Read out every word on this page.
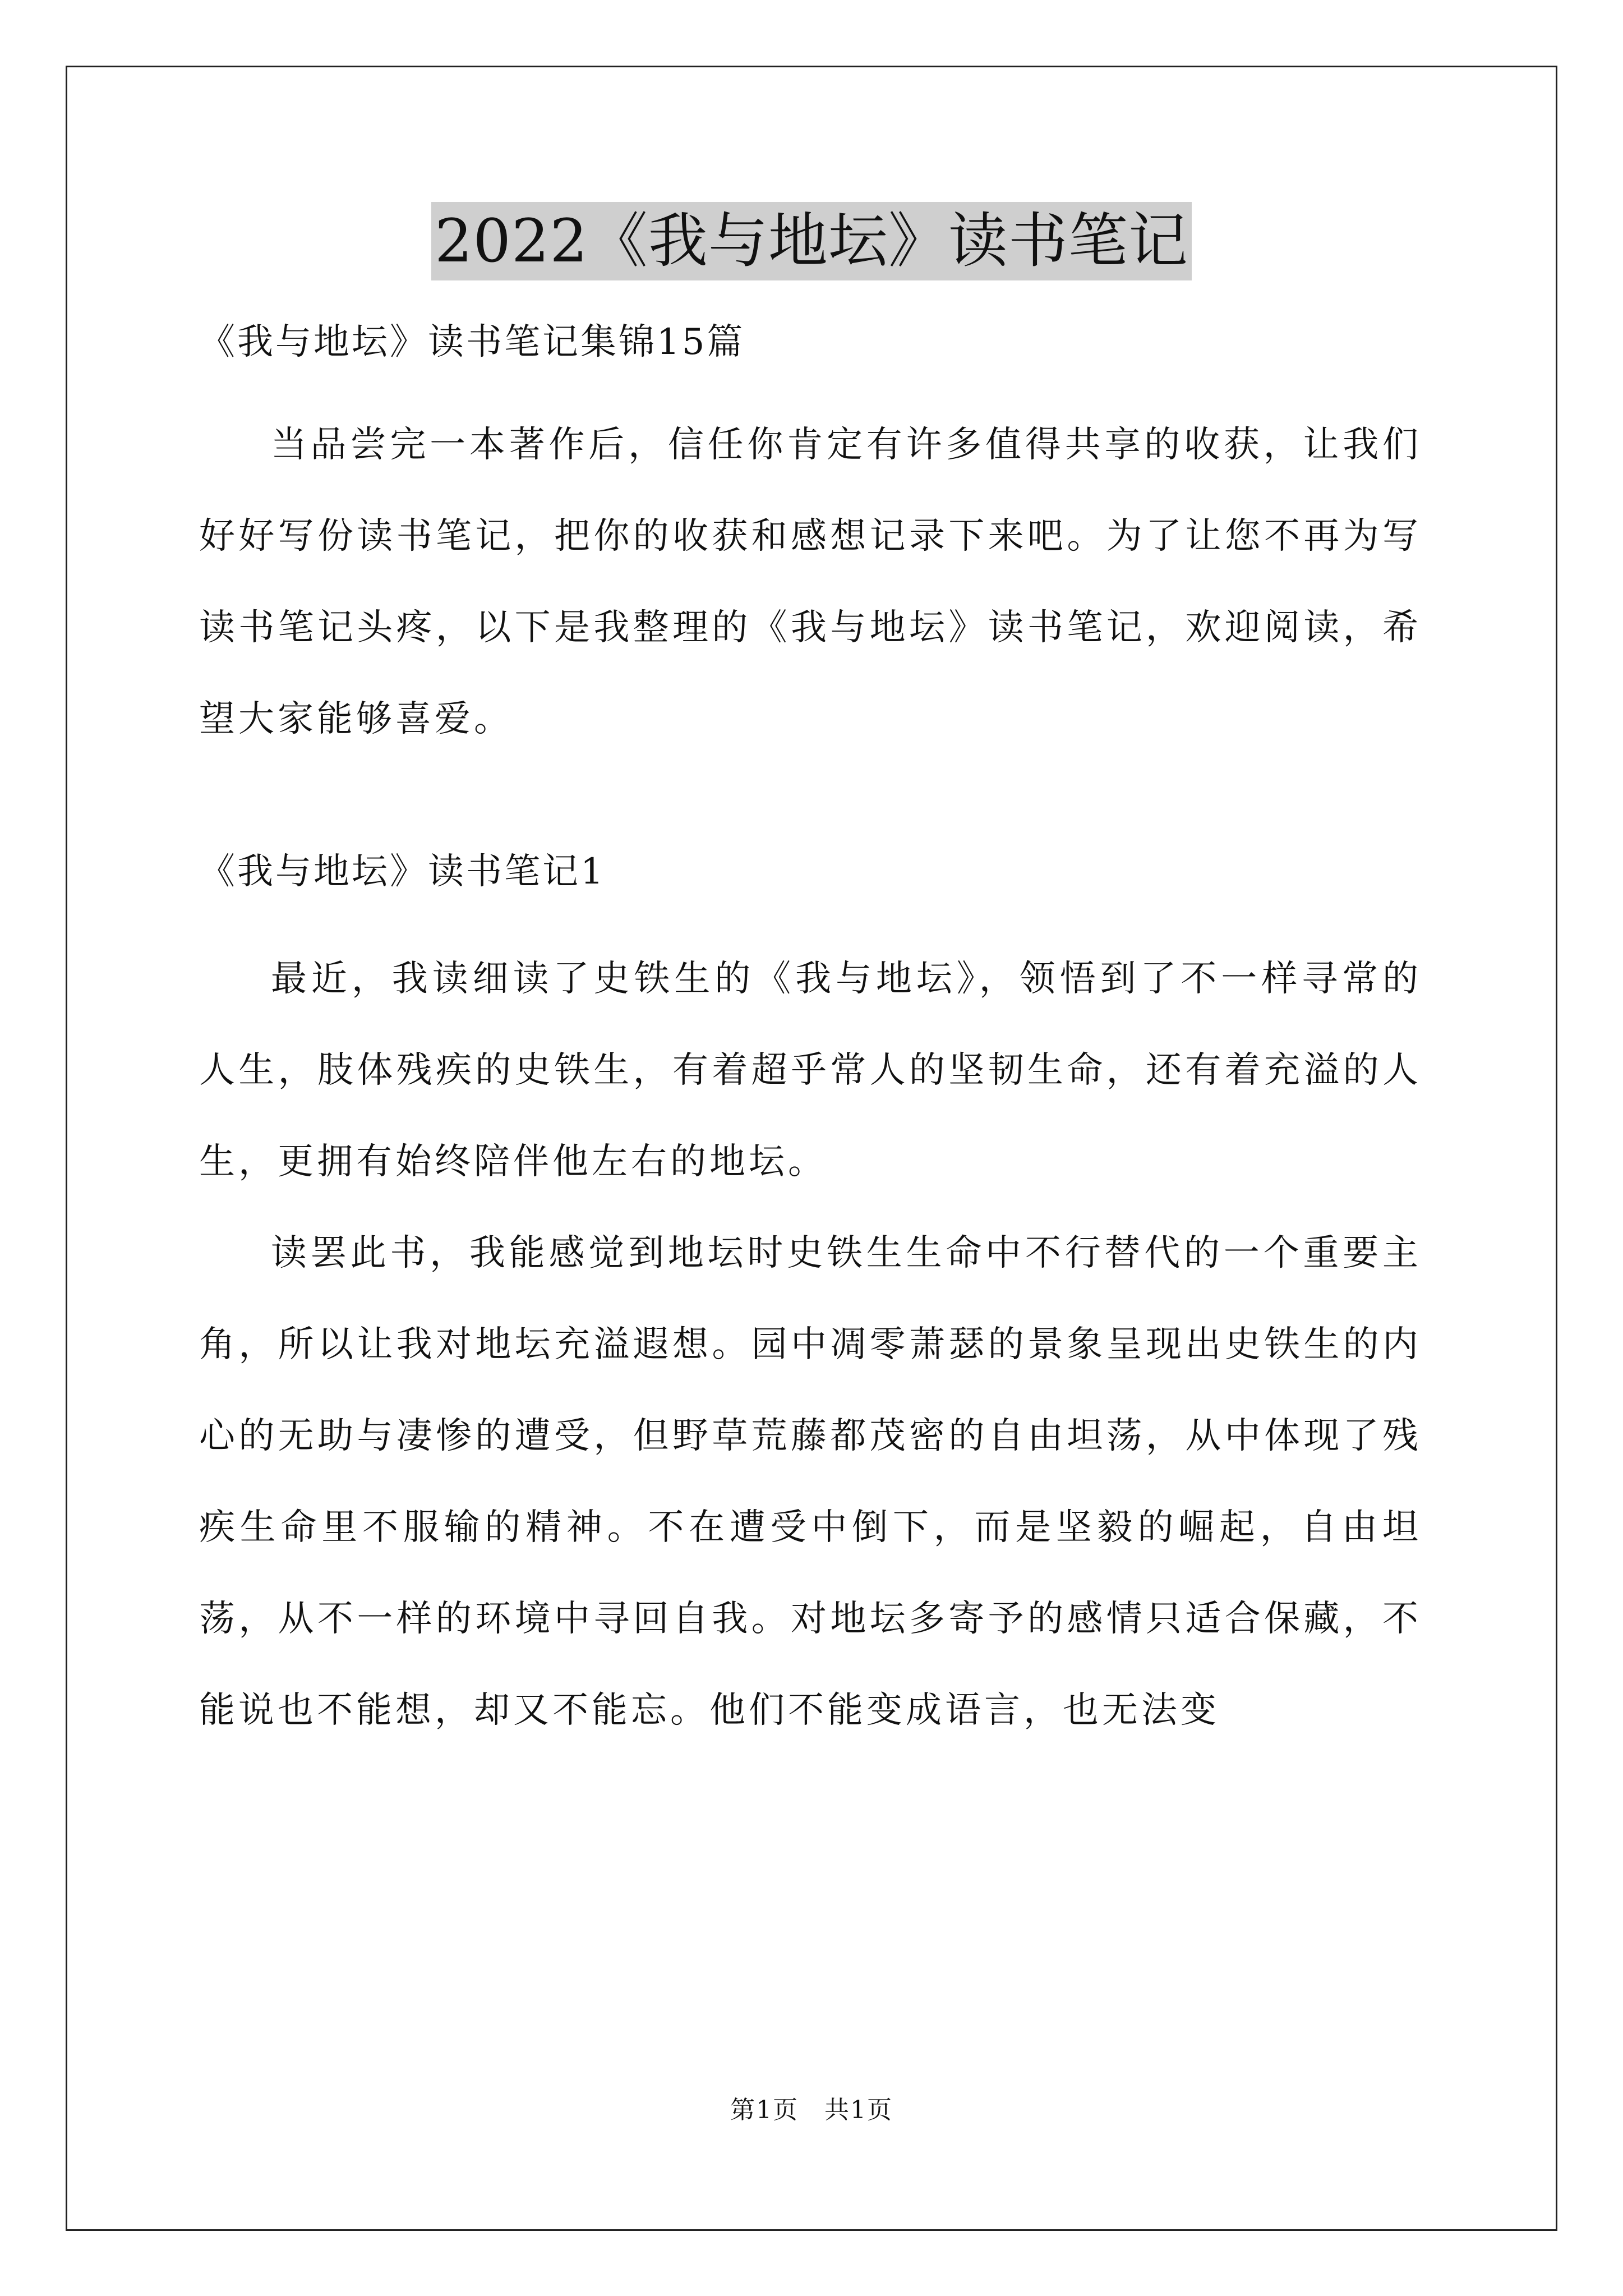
2022《我与地坛》读书笔记

《我与地坛》读书笔记集锦15篇

当品尝完一本著作后，信任你肯定有许多值得共享的收获，让我们好好写份读书笔记，把你的收获和感想记录下来吧。为了让您不再为写读书笔记头疼，以下是我整理的《我与地坛》读书笔记，欢迎阅读，希望大家能够喜爱。

《我与地坛》读书笔记1

最近，我读细读了史铁生的《我与地坛》，领悟到了不一样寻常的人生，肢体残疾的史铁生，有着超乎常人的坚韧生命，还有着充溢的人生，更拥有始终陪伴他左右的地坛。

读罢此书，我能感觉到地坛时史铁生生命中不行替代的一个重要主角，所以让我对地坛充溢遐想。园中凋零萧瑟的景象呈现出史铁生的内心的无助与凄惨的遭受，但野草荒藤都茂密的自由坦荡，从中体现了残疾生命里不服输的精神。不在遭受中倒下，而是坚毅的崛起，自由坦荡，从不一样的环境中寻回自我。对地坛多寄予的感情只适合保藏，不能说也不能想，却又不能忘。他们不能变成语言，也无法变

第1页　共1页
